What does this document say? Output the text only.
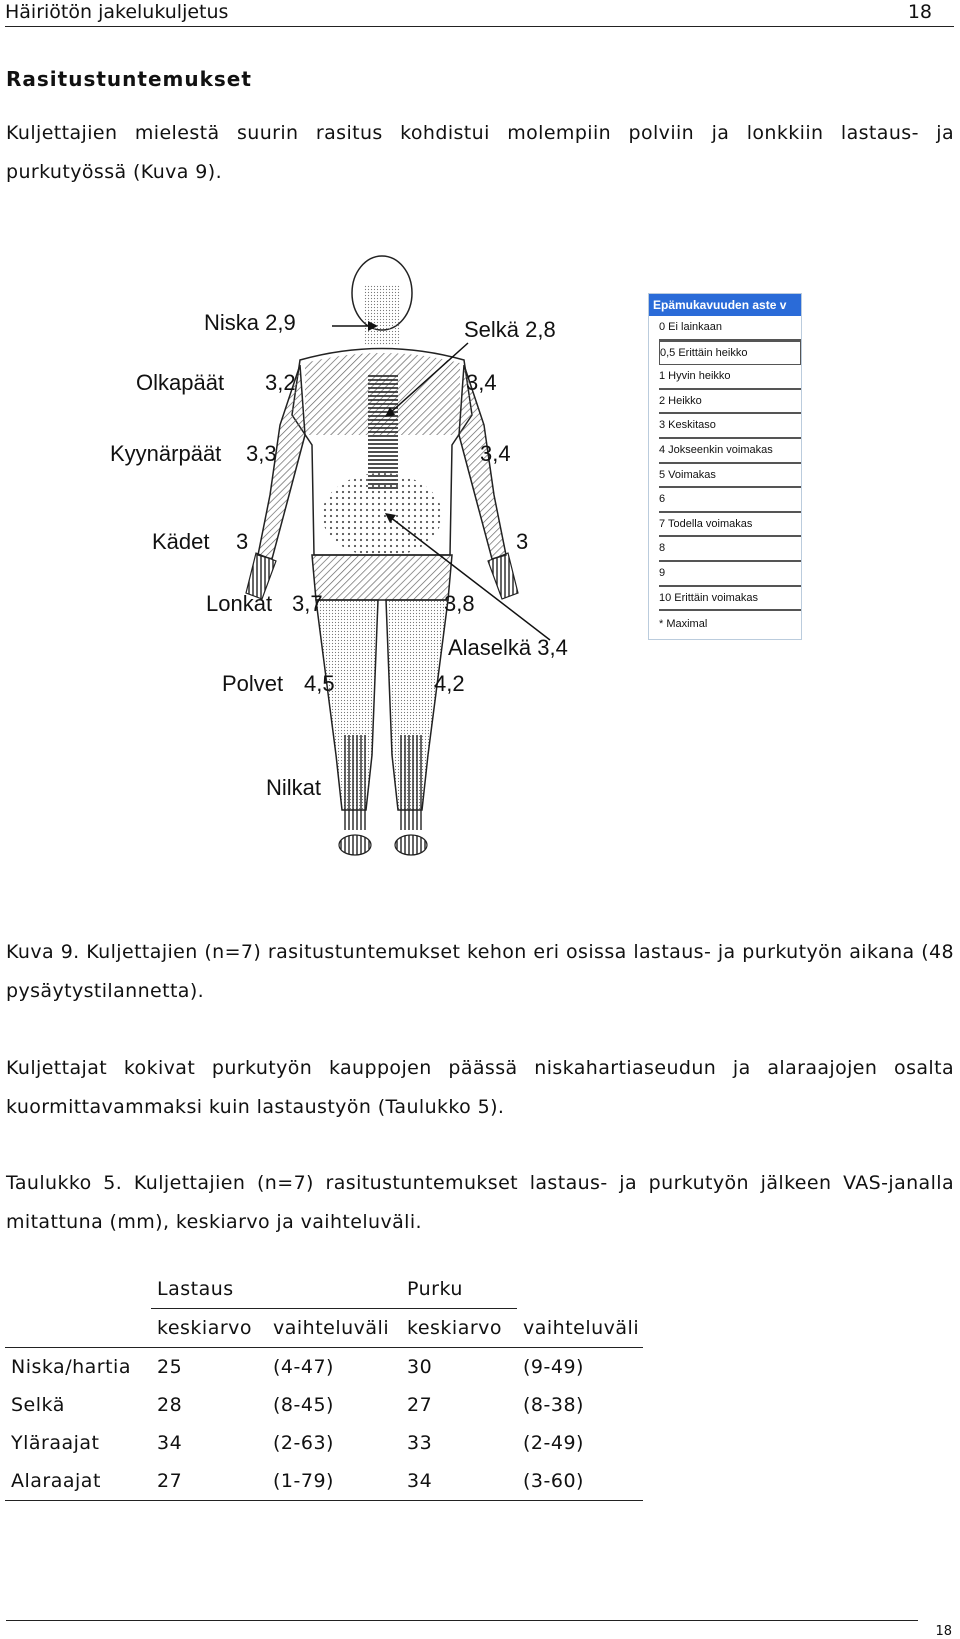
Häiriötön jakelukuljetus	18
Rasitustuntemukset
Kuljettajien mielestä suurin rasitus kohdistui molempiin polviin ja lonkkiin lastaus- ja purkutyössä (Kuva 9).
Niska 2,9	Selkä 2,8
Olkapäät 3,2	3,4
Kyynärpäät 3,3	3,4
Kädet 3	3
Lonkat 3,7	3,8
Alaselkä 3,4
Polvet 4,5	4,2
Nilkat
Epämukavuuden aste v
0 Ei lainkaan
0,5 Erittäin heikko
1 Hyvin heikko
2 Heikko
3 Keskitaso
4 Jokseenkin voimakas
5 Voimakas
6
7 Todella voimakas
8
9
10 Erittäin voimakas
* Maximal
Kuva 9. Kuljettajien (n=7) rasitustuntemukset kehon eri osissa lastaus- ja purkutyön aikana (48 pysäytystilannetta).
Kuljettajat kokivat purkutyön kauppojen päässä niskahartiaseudun ja alaraajojen osalta kuormittavammaksi kuin lastaustyön (Taulukko 5).
Taulukko 5. Kuljettajien (n=7) rasitustuntemukset lastaus- ja purkutyön jälkeen VAS-janalla mitattuna (mm), keskiarvo ja vaihteluväli.
	Lastaus		Purku	
	keskiarvo	vaihteluväli	keskiarvo	vaihteluväli
Niska/hartia	25	(4-47)	30	(9-49)
Selkä	28	(8-45)	27	(8-38)
Yläraajat	34	(2-63)	33	(2-49)
Alaraajat	27	(1-79)	34	(3-60)
18
